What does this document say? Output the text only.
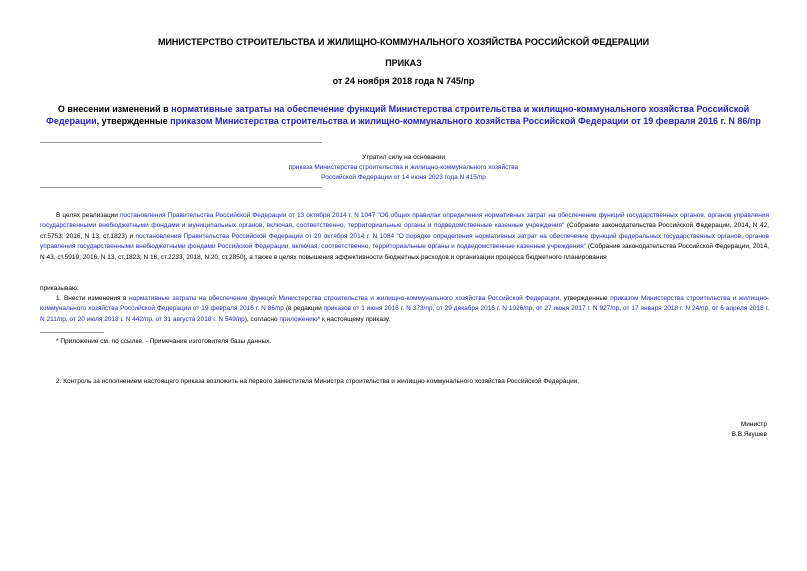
МИНИСТЕРСТВО СТРОИТЕЛЬСТВА И ЖИЛИЩНО-КОММУНАЛЬНОГО ХОЗЯЙСТВА РОССИЙСКОЙ ФЕДЕРАЦИИ
ПРИКАЗ
от 24 ноября 2018 года N 745/пр
О внесении изменений в нормативные затраты на обеспечение функций Министерства строительства и жилищно-коммунального хозяйства Российской Федерации, утвержденные приказом Министерства строительства и жилищно-коммунального хозяйства Российской Федерации от 19 февраля 2016 г. N 86/пр
Утратил силу на основании
приказа Министерства строительства и жилищно-коммунального хозяйства
Российской Федерации от 14 июня 2023 года N 415/пр
В целях реализации постановления Правительства Российской Федерации от 13 октября 2014 г. N 1047 "Об общих правилах определения нормативных затрат на обеспечение функций государственных органов, органов управления государственными внебюджетными фондами и муниципальных органов, включая, соответственно, территориальные органы и подведомственные казенные учреждения" (Собрание законодательства Российской Федерации, 2014, N 42, ст.5753; 2016, N 13, ст.1823) и постановления Правительства Российской Федерации от 20 октября 2014 г. N 1084 "О порядке определения нормативных затрат на обеспечение функций федеральных государственных органов, органов управления государственными внебюджетными фондами Российской Федерации, включая, соответственно, территориальные органы и подведомственные казенные учреждения" (Собрание законодательства Российской Федерации, 2014, N 43, ст.5919; 2016, N 13, ст.1823; N 16, ст.2233, 2018, N 20, ст.2850), а также в целях повышения эффективности бюджетных расходов и организации процесса бюджетного планирования
приказываю:
1. Внести изменения в нормативные затраты на обеспечение функций Министерства строительства и жилищно-коммунального хозяйства Российской Федерации, утвержденные приказом Министерства строительства и жилищно-коммунального хозяйства Российской Федерации от 19 февраля 2016 г. N 86/пр (в редакции приказов от 1 июня 2016 г. N 373/пр, от 29 декабря 2016 г. N 1026/пр, от 27 июня 2017 г. N 927/пр, от 17 января 2018 г. N 24/пр, от 6 апреля 2018 г. N 211/пр, от 20 июля 2018 г. N 442/пр, от 31 августа 2018 г. N 549/пр), согласно приложению* к настоящему приказу.
* Приложение см. по ссылке. - Примечание изготовителя базы данных.
2. Контроль за исполнением настоящего приказа возложить на первого заместителя Министра строительства и жилищно-коммунального хозяйства Российской Федерации.
Министр
В.В.Якушев
